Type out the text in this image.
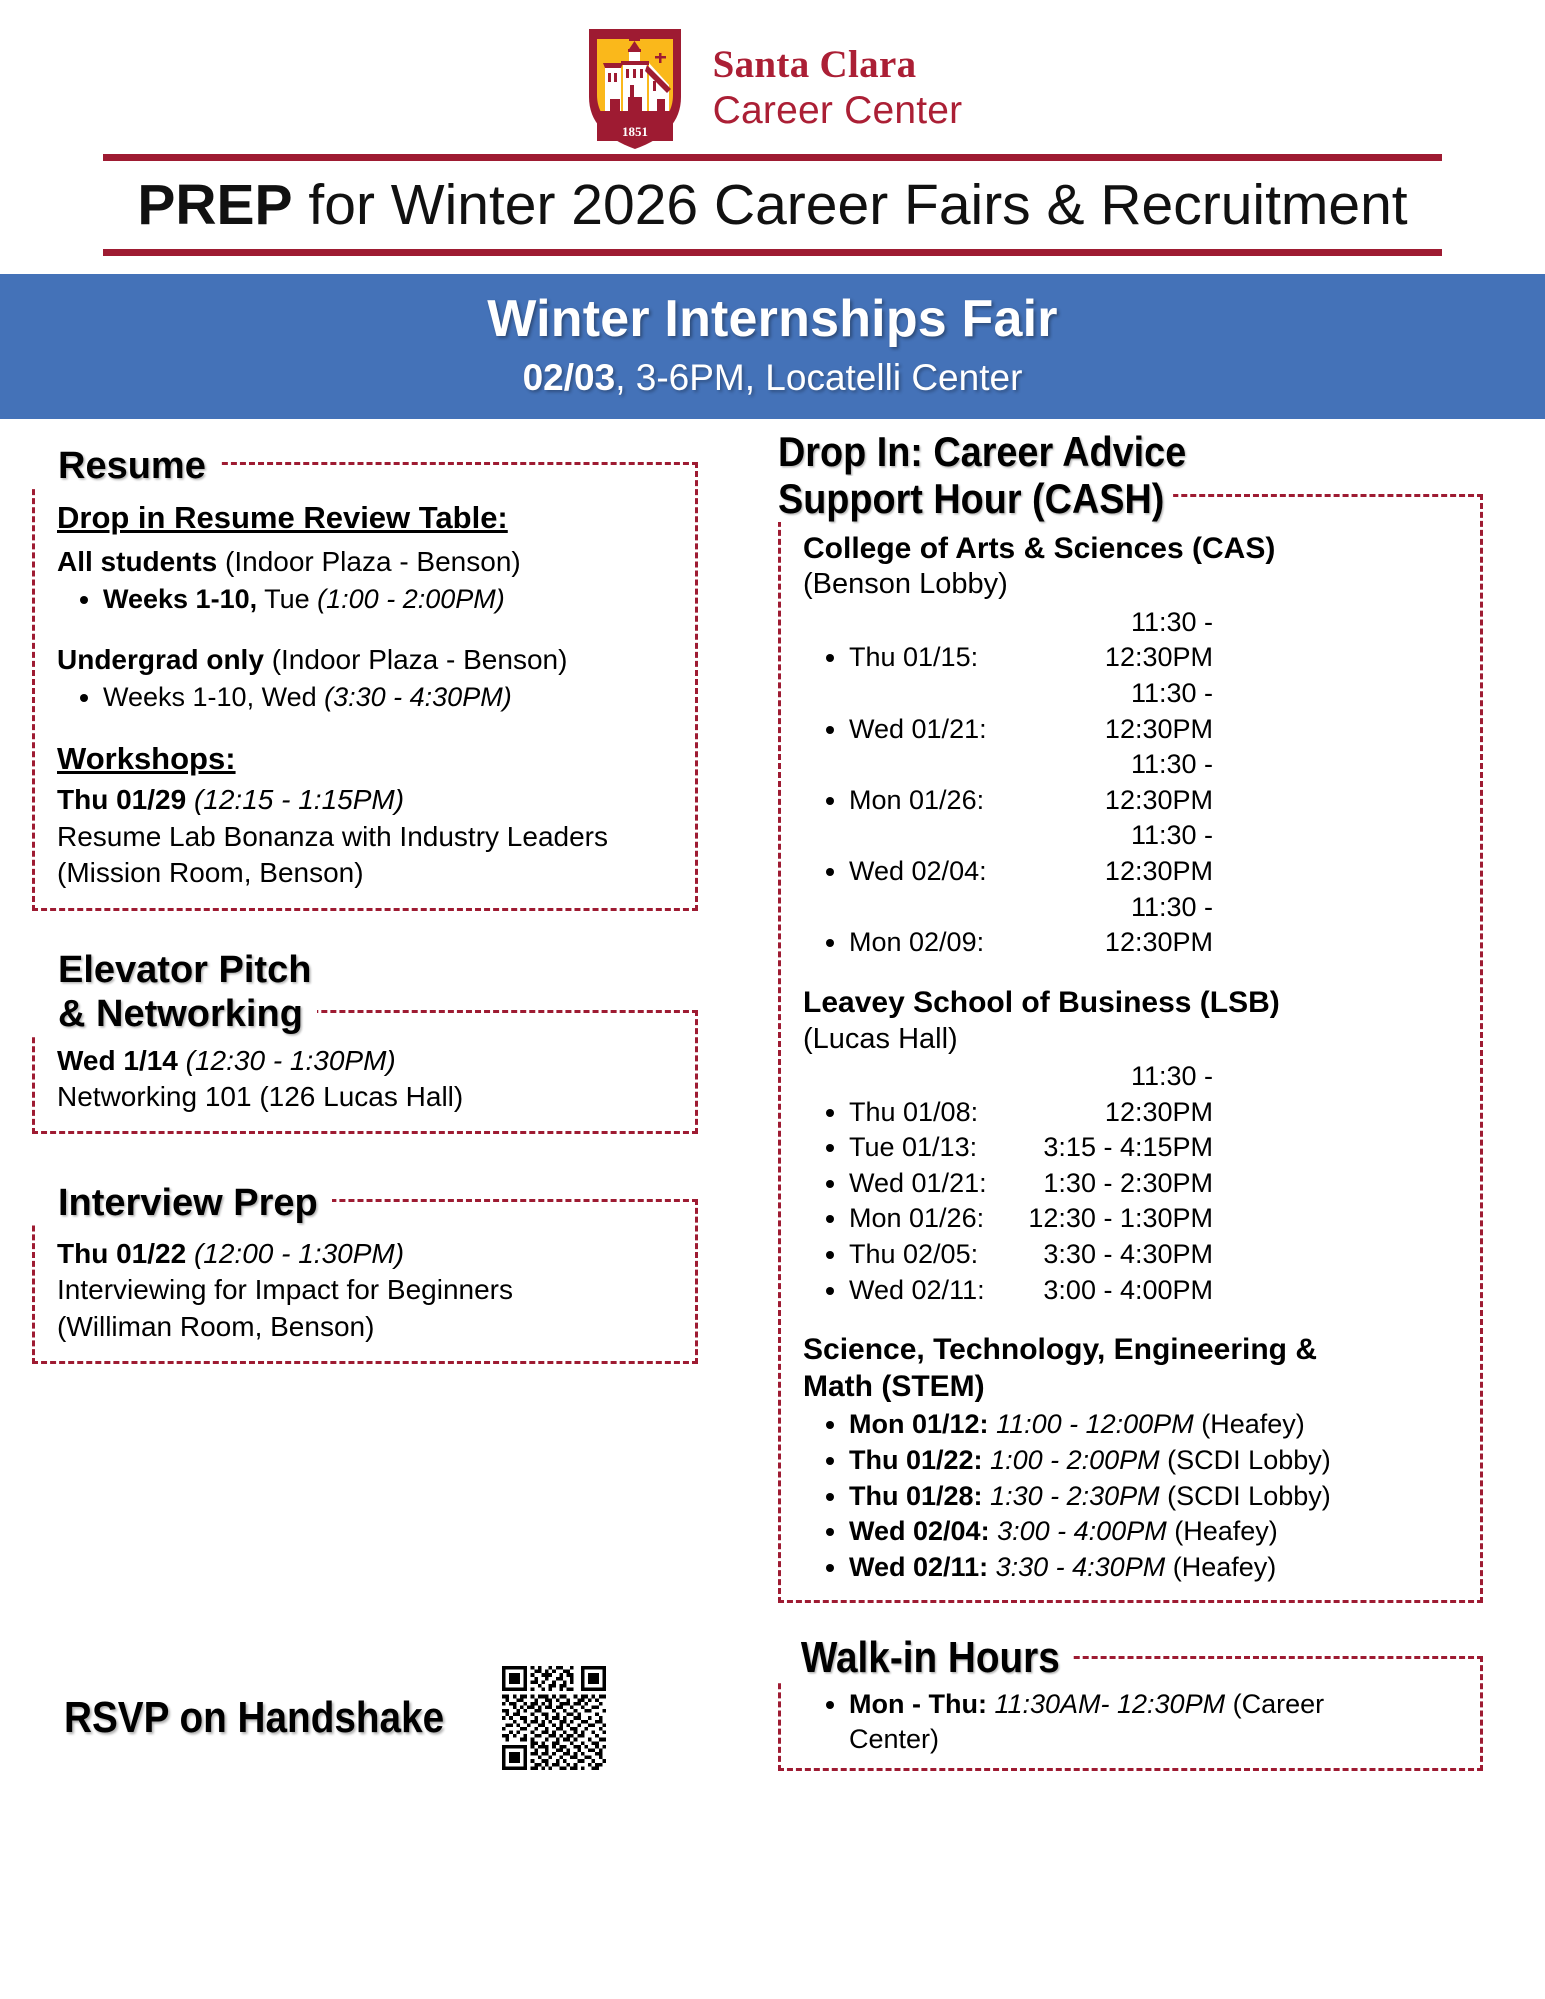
1851
Santa Clara
Career Center
PREP for Winter 2026 Career Fairs & Recruitment
Winter Internships Fair
02/03, 3-6PM, Locatelli Center
Resume

Drop in Resume Review Table:

All students (Indoor Plaza - Benson)

• Weeks 1-10, Tue (1:00 - 2:00PM)

Undergrad only (Indoor Plaza - Benson)

• Weeks 1-10, Wed (3:30 - 4:30PM)

Workshops:

Thu 01/29 (12:15 - 1:15PM)

Resume Lab Bonanza with Industry Leaders

(Mission Room, Benson)

Elevator Pitch
& Networking

Wed 1/14 (12:30 - 1:30PM)

Networking 101 (126 Lucas Hall)

Interview Prep

Thu 01/22 (12:00 - 1:30PM)

Interviewing for Impact for Beginners

(Williman Room, Benson)

Drop In: Career Advice Support Hour (CASH)

College of Arts & Sciences (CAS)

(Benson Lobby)

• Thu 01/15:11:30 - 12:30PM
• Wed 01/21:11:30 - 12:30PM
• Mon 01/26:11:30 - 12:30PM
• Wed 02/04:11:30 - 12:30PM
• Mon 02/09:11:30 - 12:30PM

Leavey School of Business (LSB)

(Lucas Hall)

• Thu 01/08:11:30 - 12:30PM
• Tue 01/13: 3:15 - 4:15PM
• Wed 01/21: 1:30 - 2:30PM
• Mon 01/26: 12:30 - 1:30PM
• Thu 02/05: 3:30 - 4:30PM
• Wed 02/11: 3:00 - 4:00PM

Science, Technology, Engineering &

Math (STEM)

• Mon 01/12: 11:00 - 12:00PM (Heafey)
• Thu 01/22: 1:00 - 2:00PM (SCDI Lobby)
• Thu 01/28: 1:30 - 2:30PM (SCDI Lobby)
• Wed 02/04: 3:00 - 4:00PM (Heafey)
• Wed 02/11: 3:30 - 4:30PM (Heafey)
RSVP on Handshake
Walk-in Hours
• Mon - Thu: 11:30AM- 12:30PM (Career
Center)
